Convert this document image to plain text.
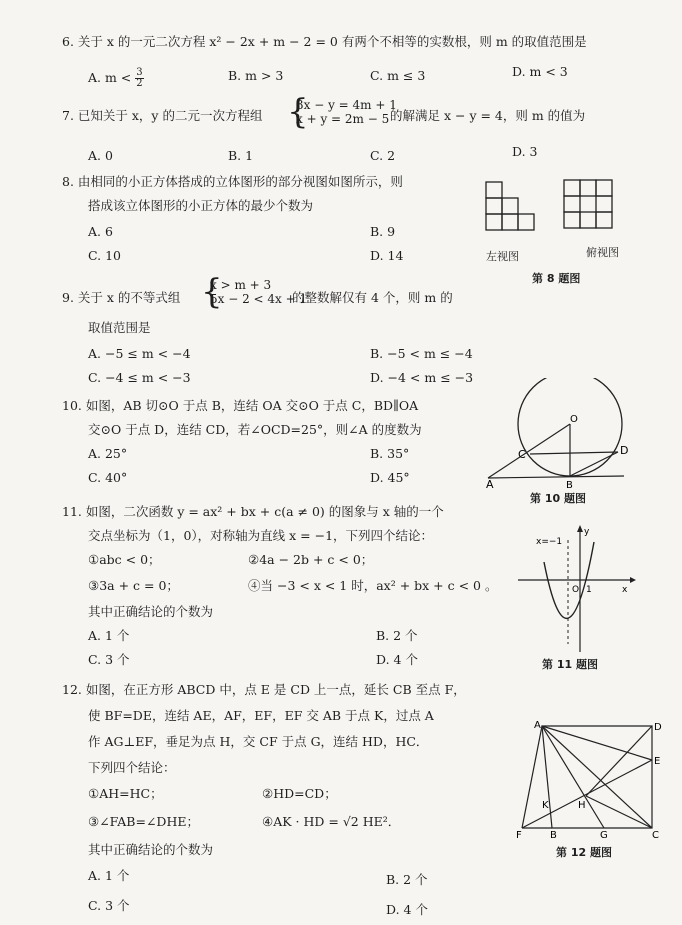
6. 关于 x 的一元二次方程 x² − 2x + m − 2 = 0 有两个不相等的实数根，则 m 的取值范围是
A. $m < \frac{3}{2}$	B. m > 3	C. m ≤ 3	D. m < 3
7. 已知关于 x，y 的二元一次方程组 {
3x − y = 4m + 1
x + y = 2m − 5 的解满足 x − y = 4，则 m 的值为
A. 0	B. 1	C. 2	D. 3
8. 由相同的小正方体搭成的立体图形的部分视图如图所示，则
搭成该立体图形的小正方体的最少个数为
A. 6	B. 9
C. 10	D. 14	左视图	俯视图
第 8 题图
9. 关于 x 的不等式组 {
x > m + 3
5x − 2 < 4x + 1
的整数解仅有 4 个，则 m 的
取值范围是
A. −5 ≤ m < −4	B. −5 < m ≤ −4
C. −4 ≤ m < −3	D. −4 < m ≤ −3
10. 如图，AB 切⊙O 于点 B，连结 OA 交⊙O 于点 C，BD∥OA
交⊙O 于点 D，连结 CD，若∠OCD=25°，则∠A 的度数为
A. 25°	B. 35°
C. 40°	D. 45°
O
C	D
A	B
第 10 题图
11. 如图，二次函数 y = ax² + bx + c(a ≠ 0) 的图象与 x 轴的一个
交点坐标为（1，0），对称轴为直线 x = −1，下列四个结论：
①abc < 0；	②4a − 2b + c < 0；
③3a + c = 0；	④当 −3 < x < 1 时，ax² + bx + c < 0 。
其中正确结论的个数为
A. 1 个	B. 2 个
C. 3 个	D. 4 个
x=−1
y
O 1	x
第 11 题图
12. 如图，在正方形 ABCD 中，点 E 是 CD 上一点，延长 CB 至点 F，
使 BF=DE，连结 AE，AF，EF，EF 交 AB 于点 K，过点 A
作 AG⊥EF，垂足为点 H，交 CF 于点 G，连结 HD，HC．
下列四个结论：
①AH=HC；	②HD=CD；
③∠FAB=∠DHE；	④AK · HD = √2 HE²．
其中正确结论的个数为
A. 1 个	B. 2 个
C. 3 个	D. 4 个
A	D
E
K	H
F	B	G	C
第 12 题图
